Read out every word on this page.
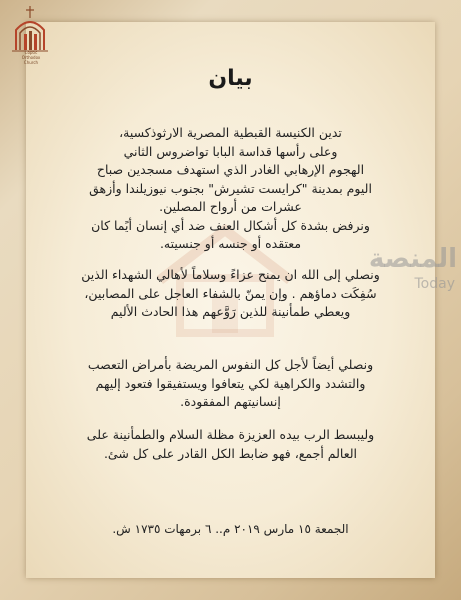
Coptic
Orthodox
Church
المنصة
Today
بيان
تدين الكنيسة القبطية المصرية الارثوذكسية،
وعلى رأسها قداسة البابا تواضروس الثاني
الهجوم الإرهابي الغادر الذي استهدف مسجدين صباح
اليوم بمدينة "كرايست تشيرش" بجنوب نيوزيلندا وأزهق
عشرات من أرواح المصلين.
ونرفض بشدة كل أشكال العنف ضد أي إنسان أيًما كان
معتقده أو جنسه أو جنسيته.
ونصلي إلى الله ان يمنح عزاءً وسلاماً لأهالي الشهداء الذين
سُفِكَت دماؤهم . وإن يمنّ بالشفاء العاجل على المصابين،
ويعطي طمأنينة للذين رَوَّعهم هذا الحادث الأليم
ونصلي أيضاً لأجل كل النفوس المريضة بأمراض التعصب
والتشدد والكراهية لكي يتعافوا ويستفيقوا فتعود إليهم
إنسانيتهم المفقودة.
وليبسط الرب بيده العزيزة مظلة السلام والطمأنينة على
العالم أجمع، فهو ضابط الكل القادر على كل شئ.
الجمعة ١٥ مارس ٢٠١٩ م.. ٦ برمهات ١٧٣٥ ش.
